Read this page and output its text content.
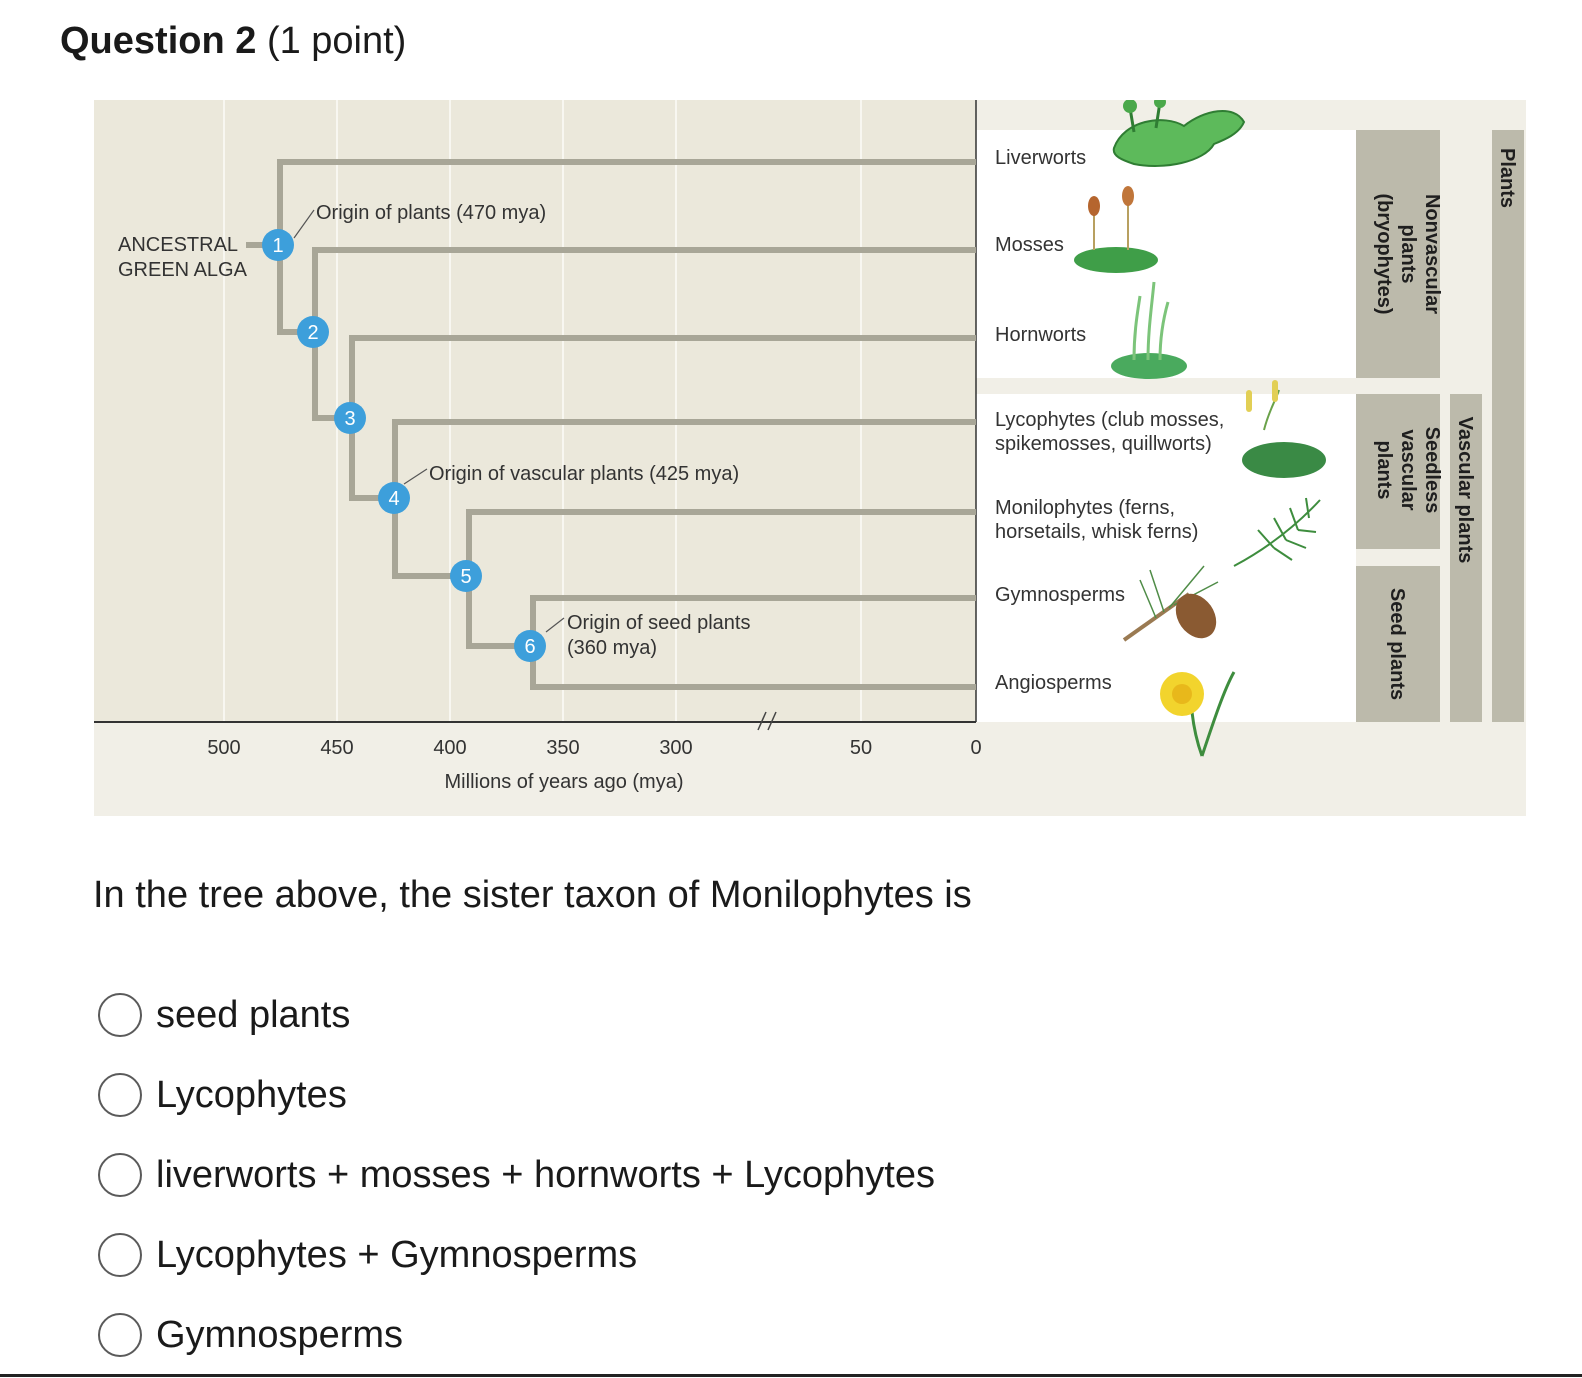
Question 2 (1 point)
1
2
3
4
5
6
ANCESTRAL
GREEN ALGA
Origin of plants (470 mya)
Origin of vascular plants (425 mya)
Origin of seed plants
(360 mya)
Liverworts
Mosses
Hornworts
Lycophytes (club mosses,
spikemosses, quillworts)
Monilophytes (ferns,
horsetails, whisk ferns)
Gymnosperms
Angiosperms
Nonvascular
plants
(bryophytes)
Seedless
vascular
plants
Seed plants
Vascular plants
Plants
500	450	400	350	300	50	0
Millions of years ago (mya)
In the tree above, the sister taxon of Monilophytes is
seed plants
Lycophytes
liverworts + mosses + hornworts + Lycophytes
Lycophytes + Gymnosperms
Gymnosperms
